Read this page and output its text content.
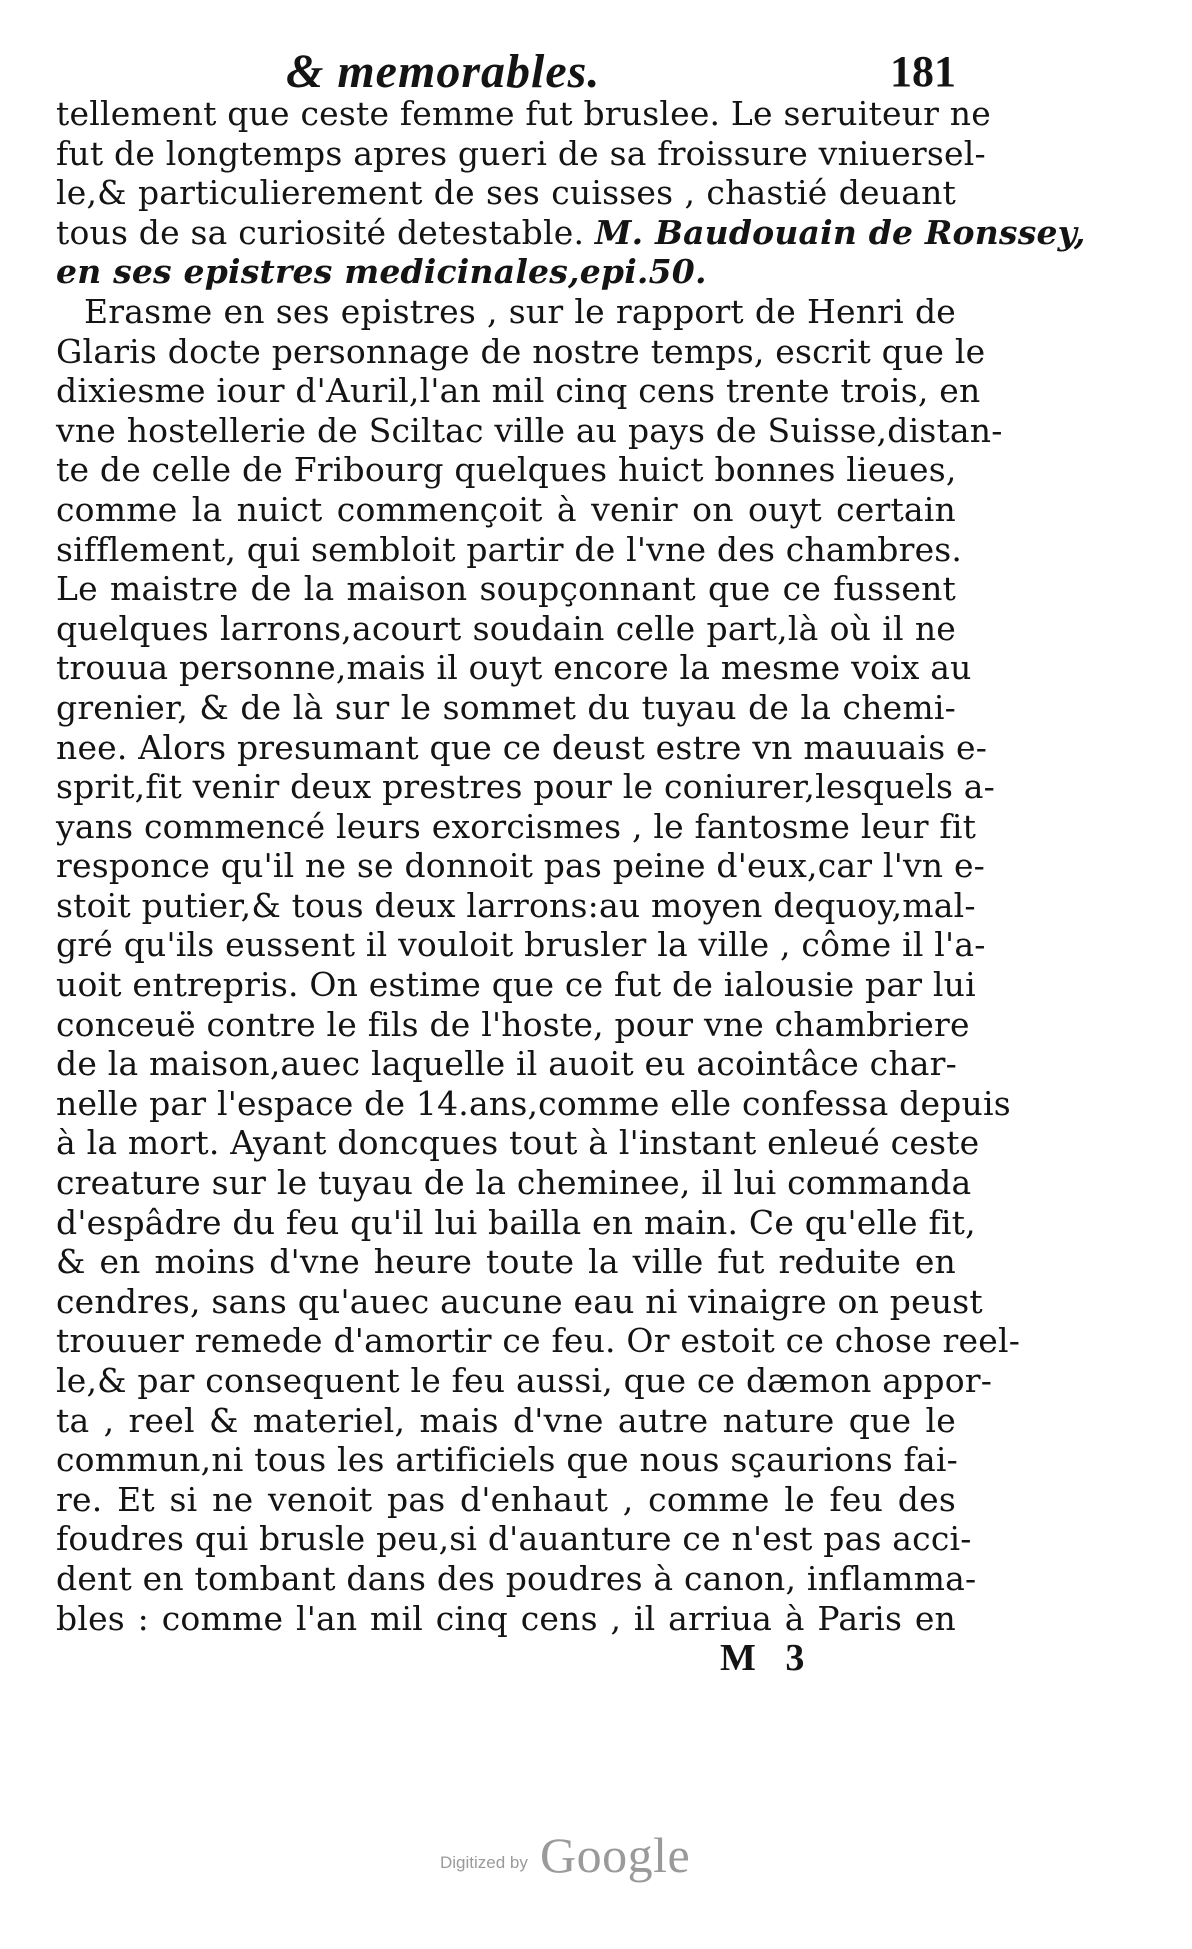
& memorables.	181
tellement que ceste femme fut bruslee. Le seruiteur ne
fut de longtemps apres gueri de sa froissure vniuersel-
le,& particulierement de ses cuisses , chastié deuant
tous de sa curiosité detestable. M. Baudouain de Ronssey,
en ses epistres medicinales,epi.50.
Erasme en ses epistres , sur le rapport de Henri de
Glaris docte personnage de nostre temps, escrit que le
dixiesme iour d'Auril,l'an mil cinq cens trente trois, en
vne hostellerie de Sciltac ville au pays de Suisse,distan-
te de celle de Fribourg quelques huict bonnes lieues,
comme la nuict commençoit à venir on ouyt certain
sifflement, qui sembloit partir de l'vne des chambres.
Le maistre de la maison soupçonnant que ce fussent
quelques larrons,acourt soudain celle part,là où il ne
trouua personne,mais il ouyt encore la mesme voix au
grenier, & de là sur le sommet du tuyau de la chemi-
nee. Alors presumant que ce deust estre vn mauuais e-
sprit,fit venir deux prestres pour le coniurer,lesquels a-
yans commencé leurs exorcismes , le fantosme leur fit
responce qu'il ne se donnoit pas peine d'eux,car l'vn e-
stoit putier,& tous deux larrons:au moyen dequoy,mal-
gré qu'ils eussent il vouloit brusler la ville , côme il l'a-
uoit entrepris. On estime que ce fut de ialousie par lui
conceuë contre le fils de l'hoste, pour vne chambriere
de la maison,auec laquelle il auoit eu acointâce char-
nelle par l'espace de 14.ans,comme elle confessa depuis
à la mort. Ayant doncques tout à l'instant enleué ceste
creature sur le tuyau de la cheminee, il lui commanda
d'espâdre du feu qu'il lui bailla en main. Ce qu'elle fit,
& en moins d'vne heure toute la ville fut reduite en
cendres, sans qu'auec aucune eau ni vinaigre on peust
trouuer remede d'amortir ce feu. Or estoit ce chose reel-
le,& par consequent le feu aussi, que ce dæmon appor-
ta , reel & materiel, mais d'vne autre nature que le
commun,ni tous les artificiels que nous sçaurions fai-
re. Et si ne venoit pas d'enhaut , comme le feu des
foudres qui brusle peu,si d'auanture ce n'est pas acci-
dent en tombant dans des poudres à canon, inflamma-
bles : comme l'an mil cinq cens , il arriua à Paris en
M 3
Digitized by Google
